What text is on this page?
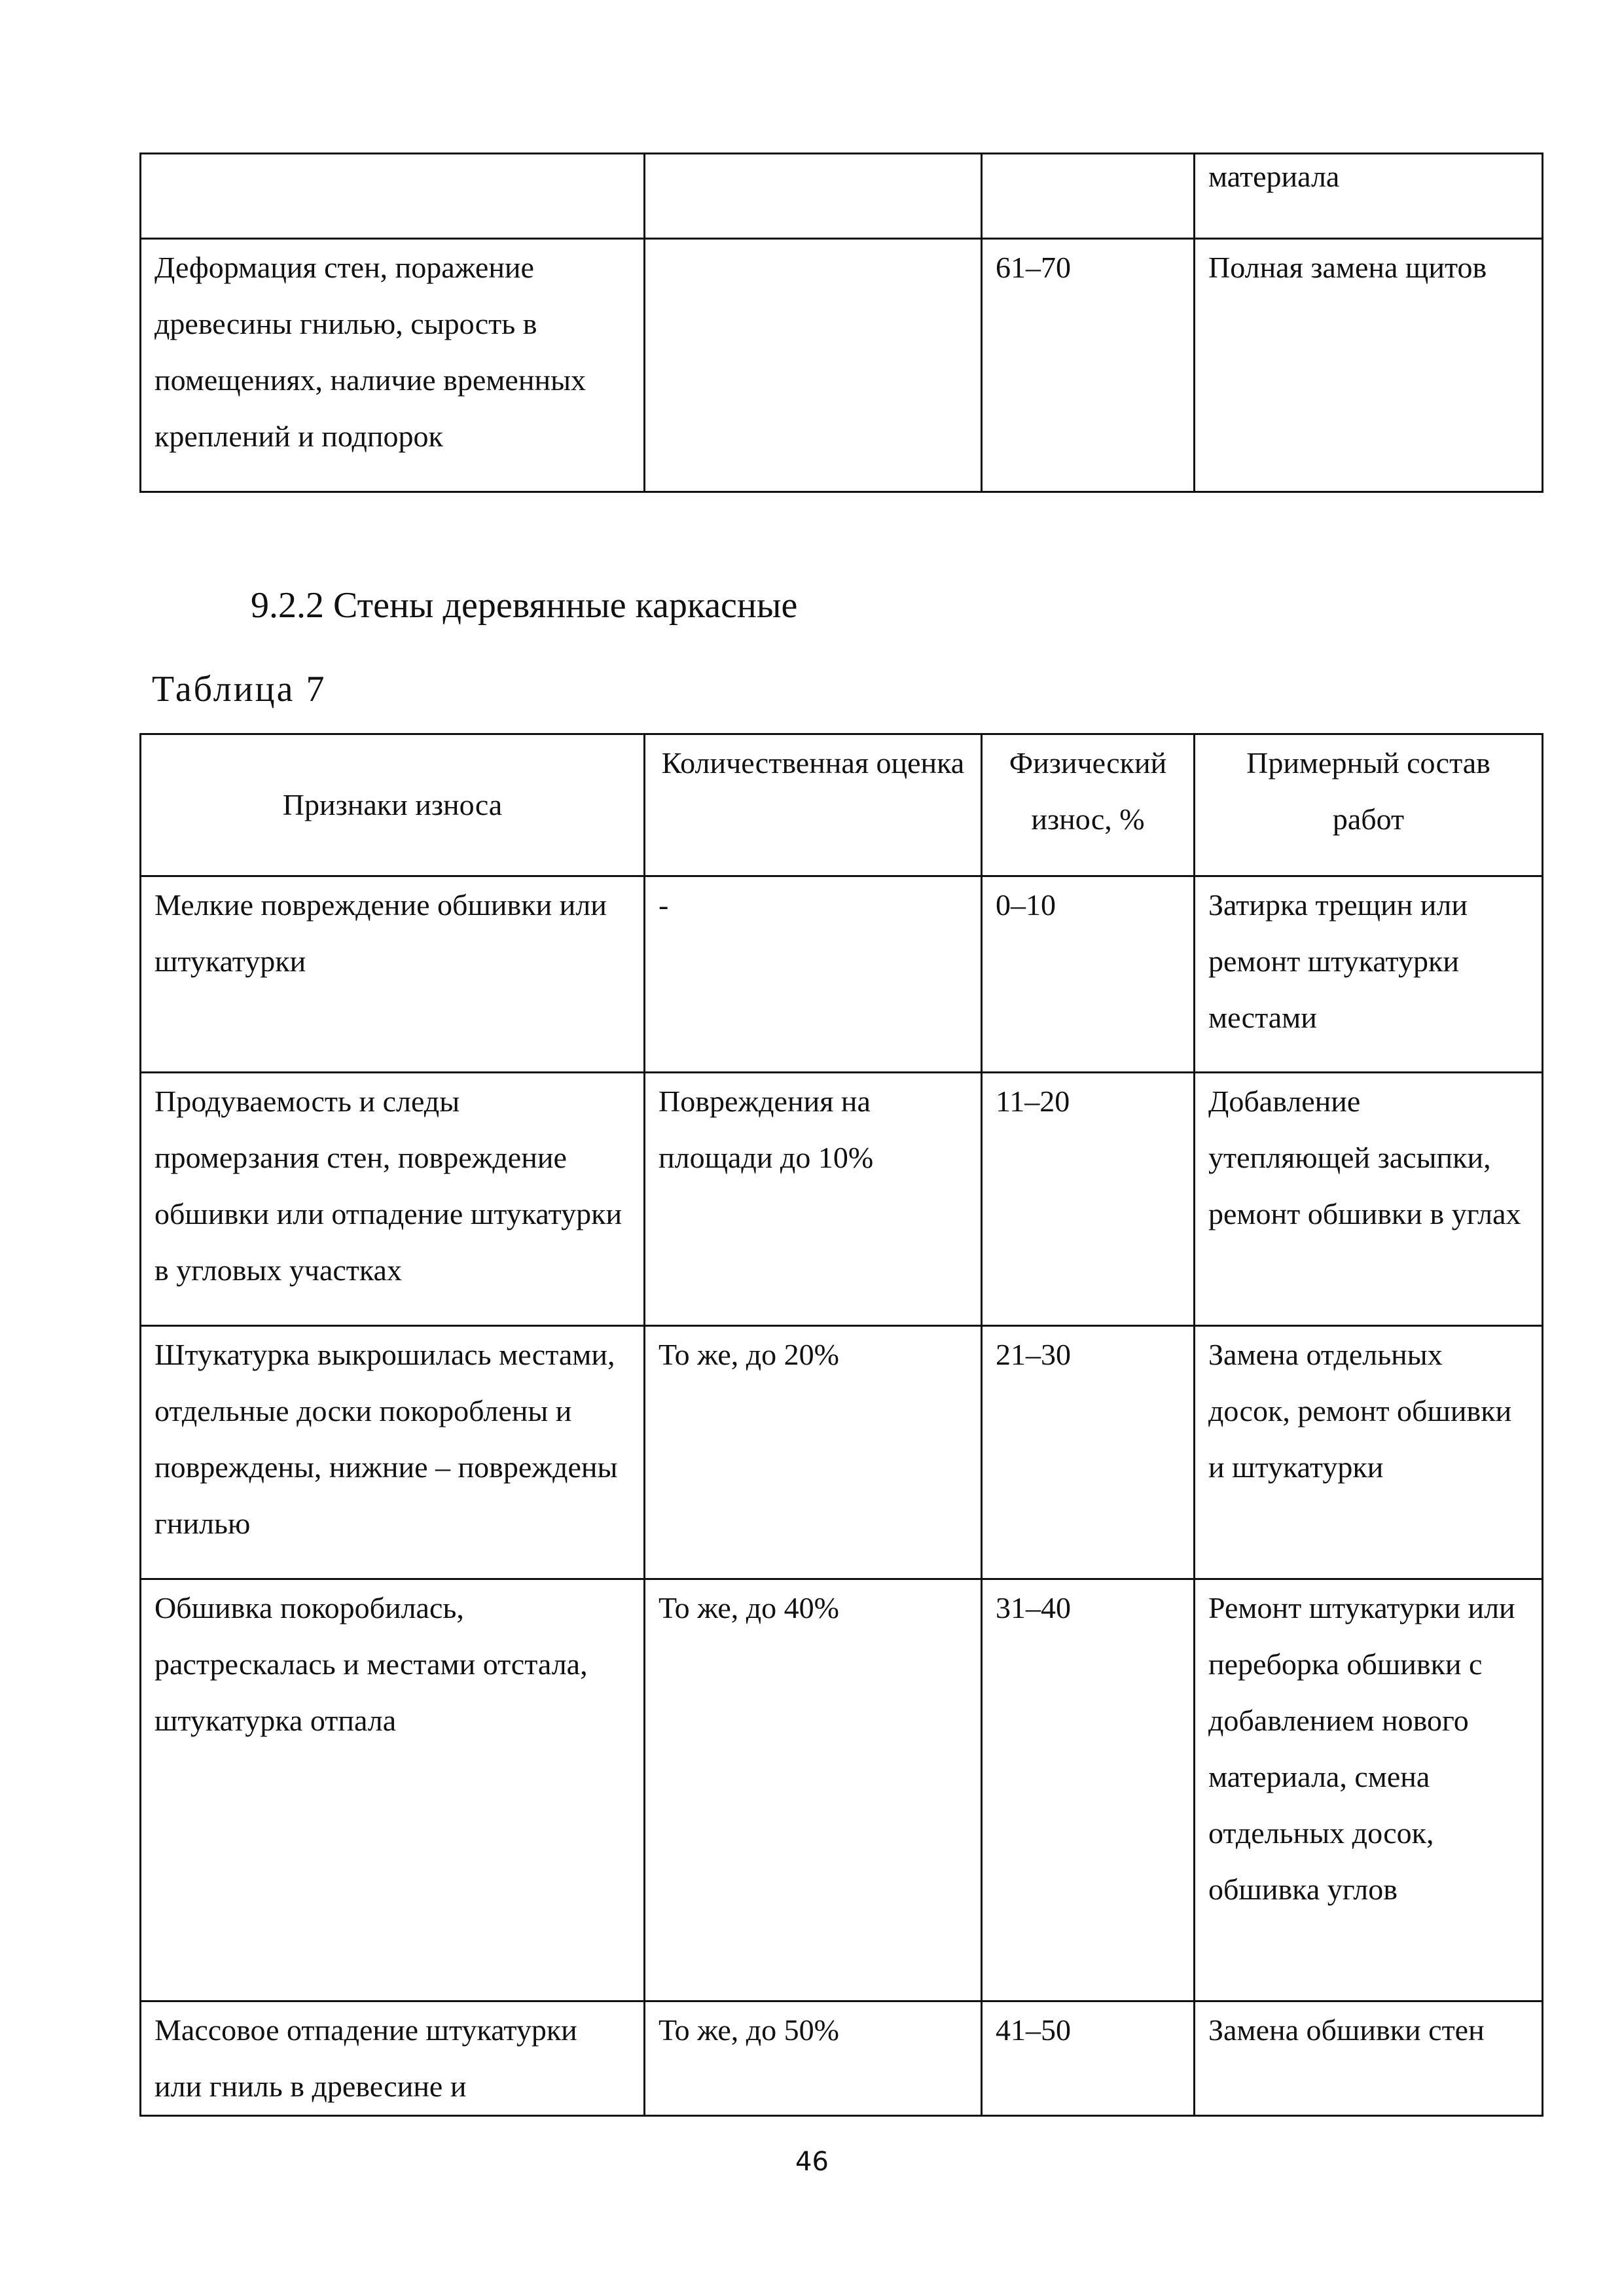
			материала
Деформация стен, поражение древесины гнилью, сырость в помещениях, наличие временных креплений и подпорок		61–70	Полная замена щитов
9.2.2 Стены деревянные каркасные
Таблица 7
Признаки износа	Количественная оценка	Физический износ, %	Примерный состав работ
Мелкие повреждение обшивки или штукатурки	-	0–10	Затирка трещин или ремонт штукатурки местами
Продуваемость и следы промерзания стен, повреждение обшивки или отпадение штукатурки в угловых участках	Повреждения на площади до 10%	11–20	Добавление утепляющей засыпки, ремонт обшивки в углах
Штукатурка выкрошилась местами, отдельные доски покороблены и повреждены, нижние – повреждены гнилью	То же, до 20%	21–30	Замена отдельных досок, ремонт обшивки и штукатурки
Обшивка покоробилась, растрескалась и местами отстала, штукатурка отпала	То же, до 40%	31–40	Ремонт штукатурки или переборка обшивки с добавлением нового материала, смена отдельных досок, обшивка углов
Массовое отпадение штукатурки или гниль в древесине и	То же, до 50%	41–50	Замена обшивки стен
46
